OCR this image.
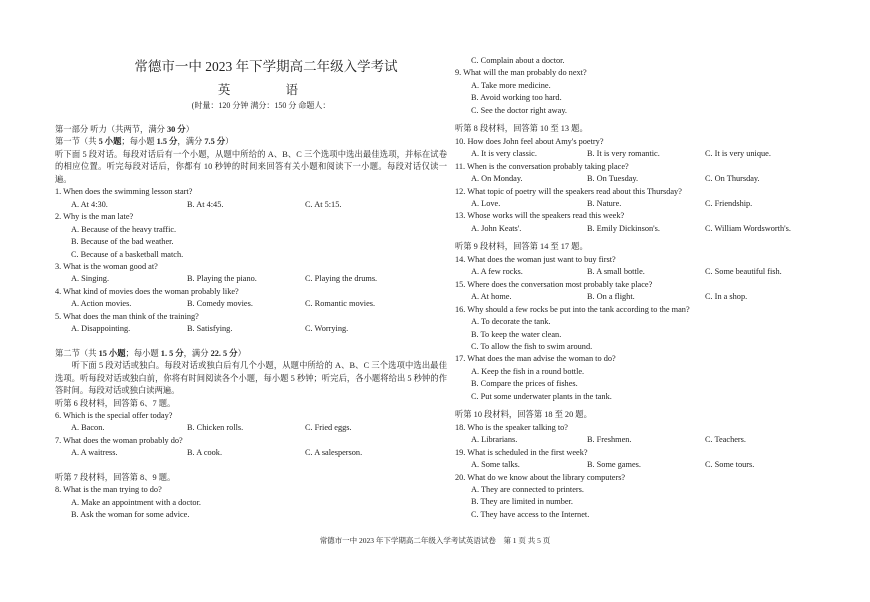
常德市一中 2023 年下学期高二年级入学考试
英 语
(时量：120 分钟 满分：150 分 命题人：
第一部分 听力（共两节，满分 30 分）
第一节（共 5 小题；每小题 1.5 分，满分 7.5 分）
听下面 5 段对话。每段对话后有一个小题，从题中所给的 A、B、C 三个选项中选出最佳选项，并标在试卷的相应位置。听完每段对话后，你都有 10 秒钟的时间来回答有关小题和阅读下一小题。每段对话仅读一遍。
1. When does the swimming lesson start?
A. At 4:30.	B. At 4:45.	C. At 5:15.
2. Why is the man late?
A. Because of the heavy traffic.
B. Because of the bad weather.
C. Because of a basketball match.
3. What is the woman good at?
A. Singing.	B. Playing the piano.	C. Playing the drums.
4. What kind of movies does the woman probably like?
A. Action movies.	B. Comedy movies.	C. Romantic movies.
5. What does the man think of the training?
A. Disappointing.	B. Satisfying.	C. Worrying.
第二节（共 15 小题；每小题 1. 5 分，满分 22. 5 分）
听下面 5 段对话或独白。每段对话或独白后有几个小题，从题中所给的 A、B、C 三个选项中选出最佳选项。听每段对话或独白前，你将有时间阅读各个小题，每小题 5 秒钟；听完后，各小题将给出 5 秒钟的作答时间。每段对话或独白读两遍。
听第 6 段材料，回答第 6、7 题。
6. Which is the special offer today?
A. Bacon.	B. Chicken rolls.	C. Fried eggs.
7. What does the woman probably do?
A. A waitress.	B. A cook.	C. A salesperson.
听第 7 段材料，回答第 8、9 题。
8. What is the man trying to do?
A. Make an appointment with a doctor.
B. Ask the woman for some advice.
C. Complain about a doctor.
9. What will the man probably do next?
A. Take more medicine.
B. Avoid working too hard.
C. See the doctor right away.
听第 8 段材料，回答第 10 至 13 题。
10. How does John feel about Amy's poetry?
A. It is very classic.	B. It is very romantic.	C. It is very unique.
11. When is the conversation probably taking place?
A. On Monday.	B. On Tuesday.	C. On Thursday.
12. What topic of poetry will the speakers read about this Thursday?
A. Love.	B. Nature.	C. Friendship.
13. Whose works will the speakers read this week?
A. John Keats'.	B. Emily Dickinson's.	C. William Wordsworth's.
听第 9 段材料，回答第 14 至 17 题。
14. What does the woman just want to buy first?
A. A few rocks.	B. A small bottle.	C. Some beautiful fish.
15. Where does the conversation most probably take place?
A. At home.	B. On a flight.	C. In a shop.
16. Why should a few rocks be put into the tank according to the man?
A. To decorate the tank.
B. To keep the water clean.
C. To allow the fish to swim around.
17. What does the man advise the woman to do?
A. Keep the fish in a round bottle.
B. Compare the prices of fishes.
C. Put some underwater plants in the tank.
听第 10 段材料，回答第 18 至 20 题。
18. Who is the speaker talking to?
A. Librarians.	B. Freshmen.	C. Teachers.
19. What is scheduled in the first week?
A. Some talks.	B. Some games.	C. Some tours.
20. What do we know about the library computers?
A. They are connected to printers.
B. They are limited in number.
C. They have access to the Internet.
常德市一中 2023 年下学期高二年级入学考试英语试卷 第 1 页 共 5 页
